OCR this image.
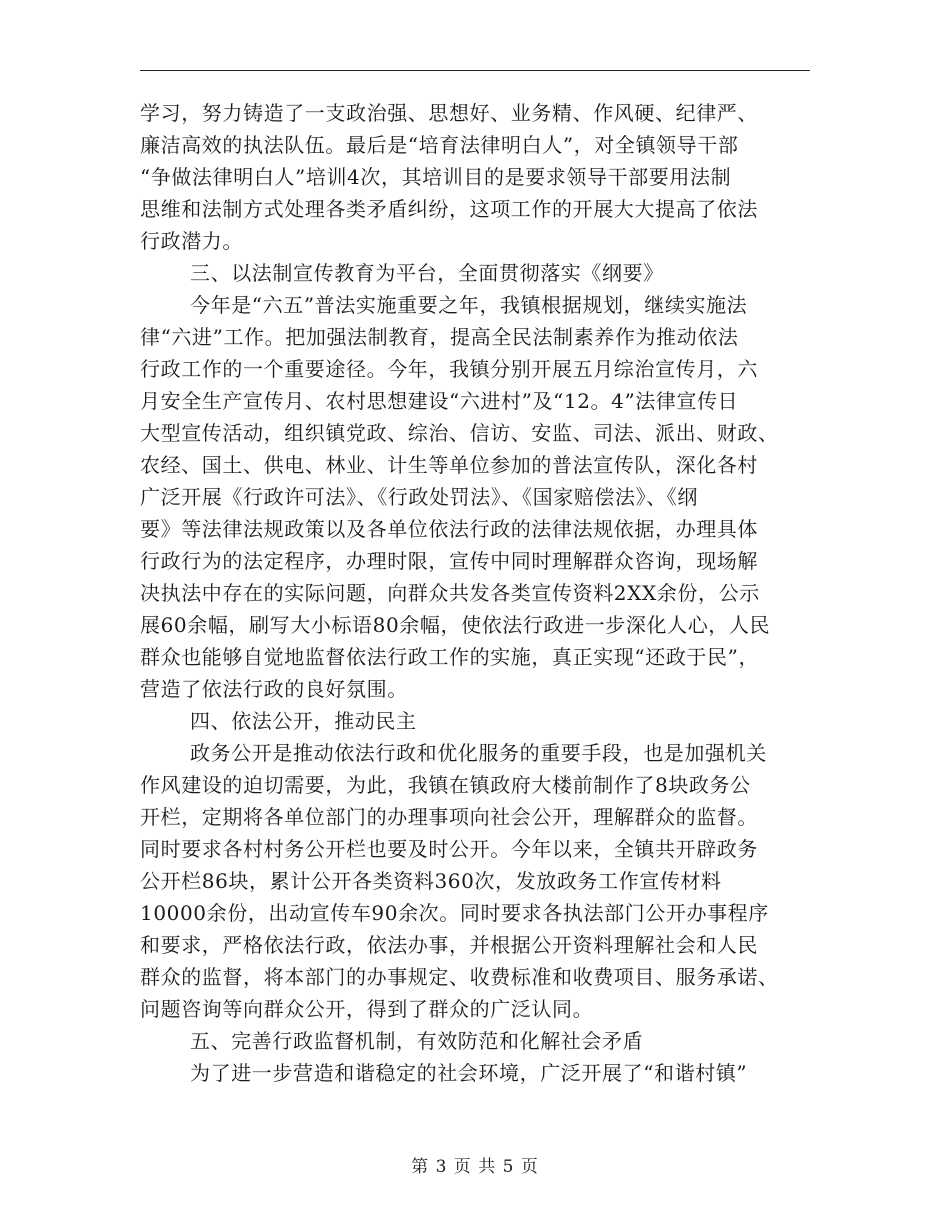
学习，努力铸造了一支政治强、思想好、业务精、作风硬、纪律严、
廉洁高效的执法队伍。最后是“培育法律明白人”，对全镇领导干部
“争做法律明白人”培训4次，其培训目的是要求领导干部要用法制
思维和法制方式处理各类矛盾纠纷，这项工作的开展大大提高了依法
行政潜力。
三、以法制宣传教育为平台，全面贯彻落实《纲要》
今年是“六五”普法实施重要之年，我镇根据规划，继续实施法
律“六进”工作。把加强法制教育，提高全民法制素养作为推动依法
行政工作的一个重要途径。今年，我镇分别开展五月综治宣传月，六
月安全生产宣传月、农村思想建设“六进村”及“12。4”法律宣传日
大型宣传活动，组织镇党政、综治、信访、安监、司法、派出、财政、
农经、国土、供电、林业、计生等单位参加的普法宣传队，深化各村
广泛开展《行政许可法》、《行政处罚法》、《国家赔偿法》、《纲
要》等法律法规政策以及各单位依法行政的法律法规依据，办理具体
行政行为的法定程序，办理时限，宣传中同时理解群众咨询，现场解
决执法中存在的实际问题，向群众共发各类宣传资料2XX余份，公示
展60余幅，刷写大小标语80余幅，使依法行政进一步深化人心，人民
群众也能够自觉地监督依法行政工作的实施，真正实现“还政于民”，
营造了依法行政的良好氛围。
四、依法公开，推动民主
政务公开是推动依法行政和优化服务的重要手段，也是加强机关
作风建设的迫切需要，为此，我镇在镇政府大楼前制作了8块政务公
开栏，定期将各单位部门的办理事项向社会公开，理解群众的监督。
同时要求各村村务公开栏也要及时公开。今年以来，全镇共开辟政务
公开栏86块，累计公开各类资料360次，发放政务工作宣传材料
10000余份，出动宣传车90余次。同时要求各执法部门公开办事程序
和要求，严格依法行政，依法办事，并根据公开资料理解社会和人民
群众的监督，将本部门的办事规定、收费标准和收费项目、服务承诺、
问题咨询等向群众公开，得到了群众的广泛认同。
五、完善行政监督机制，有效防范和化解社会矛盾
为了进一步营造和谐稳定的社会环境，广泛开展了“和谐村镇”
第 3 页 共 5 页
